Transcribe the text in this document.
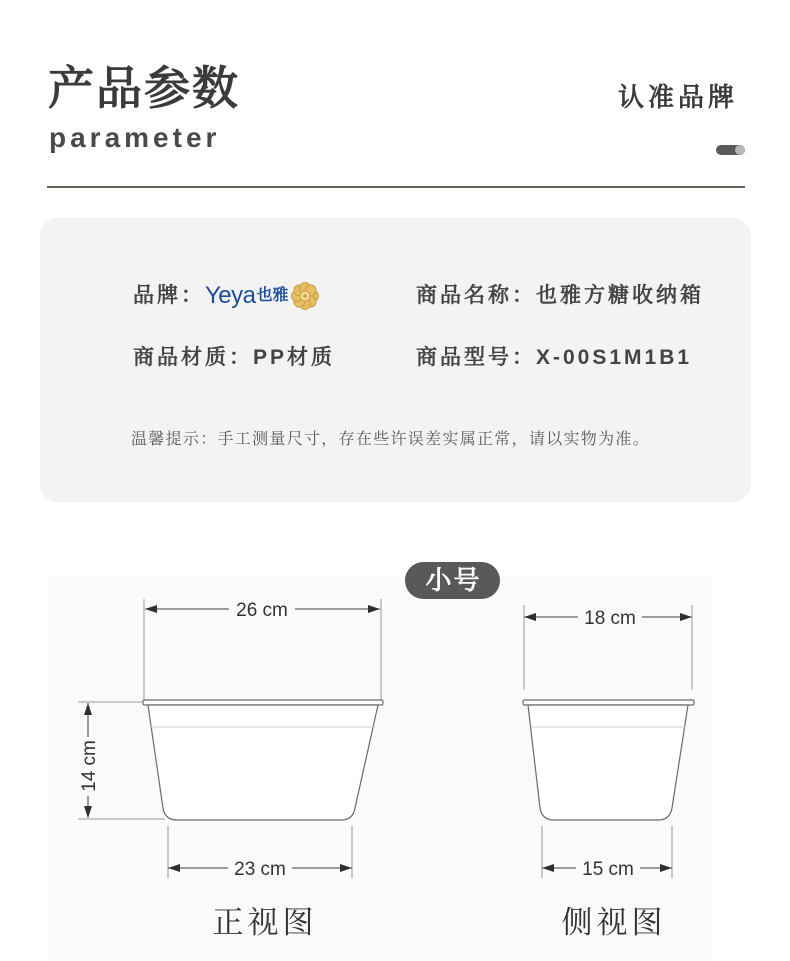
产品参数
parameter
认准品牌
品牌： Yeya 也雅	商品名称： 也雅方糖收纳箱
商品材质： PP材质	商品型号： X-00S1M1B1
温馨提示：手工测量尺寸，存在些许误差实属正常，请以实物为准。
26 cm
14 cm
23 cm
正视图
18 cm
15 cm
侧视图
小号
